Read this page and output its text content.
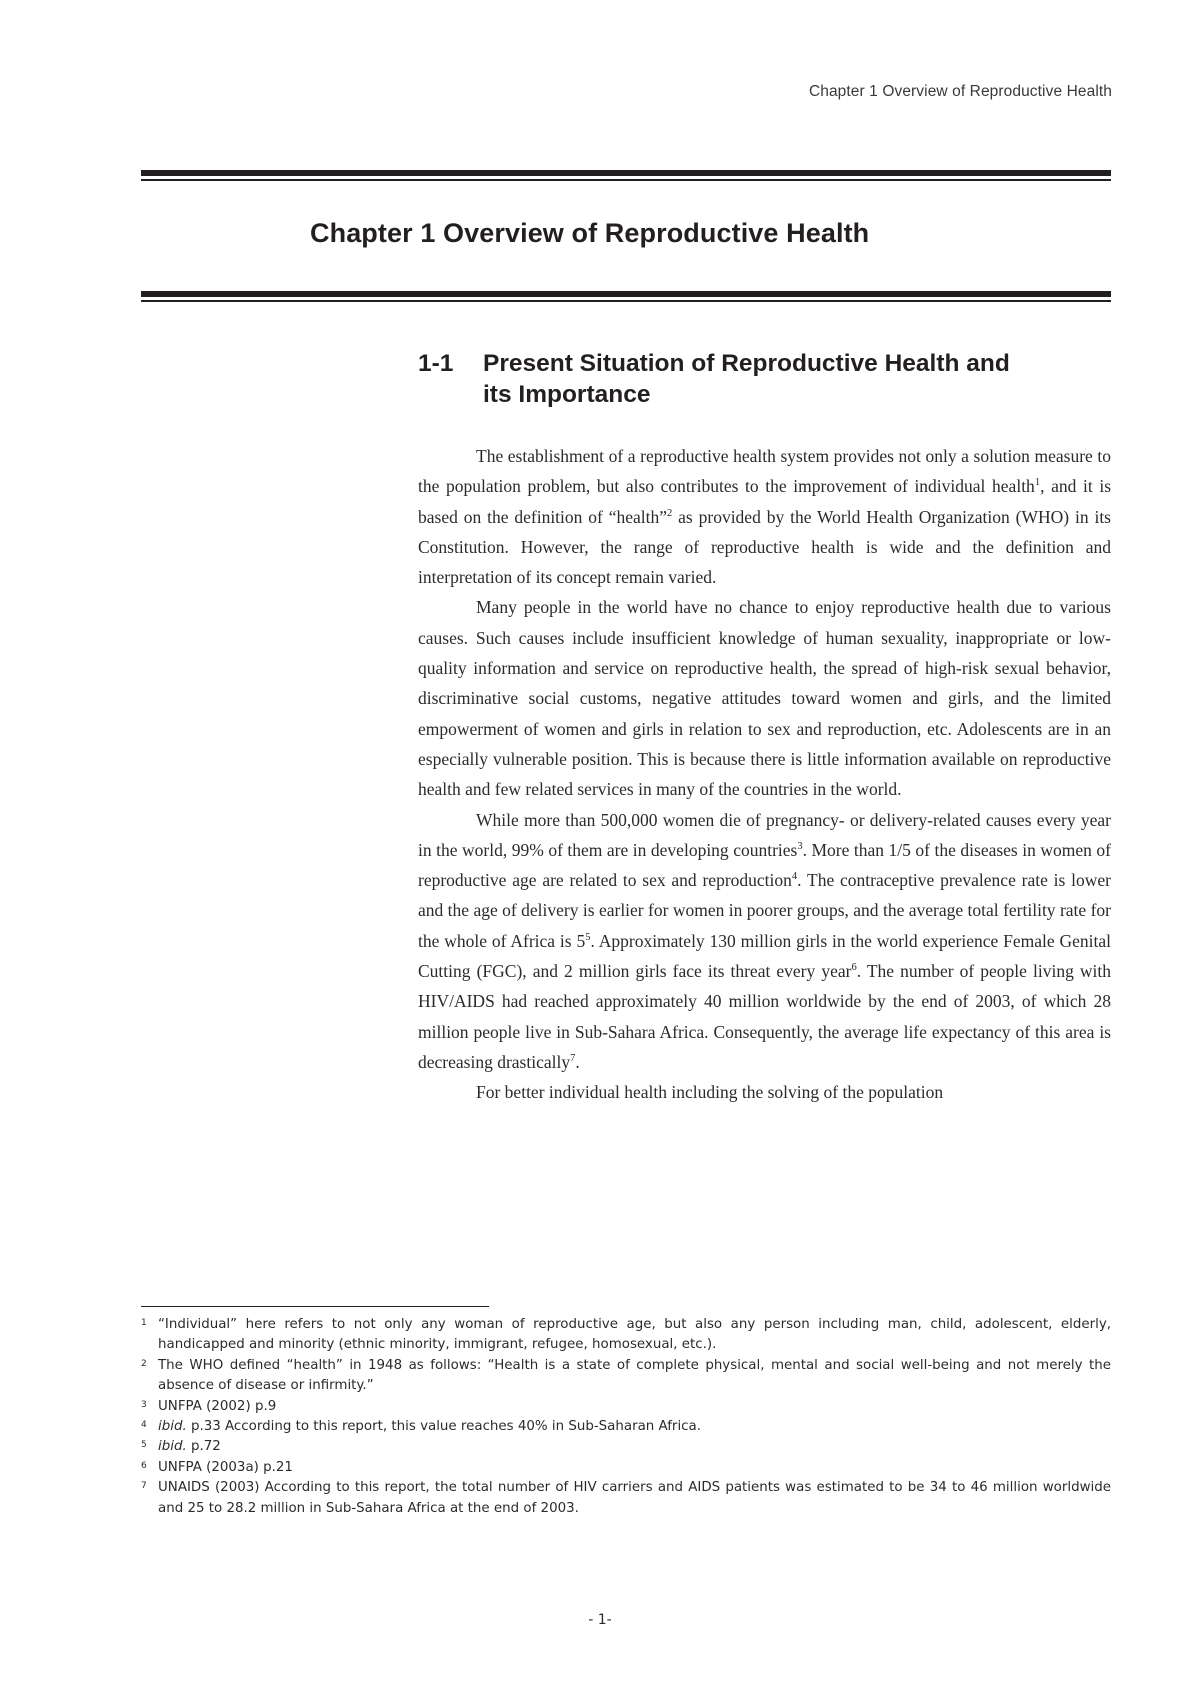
Chapter 1 Overview of Reproductive Health
Chapter 1 Overview of Reproductive Health
1-1 Present Situation of Reproductive Health and
its Importance

The establishment of a reproductive health system provides not only a solution measure to the population problem, but also contributes to the improvement of individual health$^1$, and it is based on the definition of “health”$^2$ as provided by the World Health Organization (WHO) in its Constitution. However, the range of reproductive health is wide and the definition and interpretation of its concept remain varied.

Many people in the world have no chance to enjoy reproductive health due to various causes. Such causes include insufficient knowledge of human sexuality, inappropriate or low-quality information and service on reproductive health, the spread of high-risk sexual behavior, discriminative social customs, negative attitudes toward women and girls, and the limited empowerment of women and girls in relation to sex and reproduction, etc. Adolescents are in an especially vulnerable position. This is because there is little information available on reproductive health and few related services in many of the countries in the world.

While more than 500,000 women die of pregnancy- or delivery-related causes every year in the world, 99% of them are in developing countries$^3$. More than 1/5 of the diseases in women of reproductive age are related to sex and reproduction$^4$. The contraceptive prevalence rate is lower and the age of delivery is earlier for women in poorer groups, and the average total fertility rate for the whole of Africa is $5^5$. Approximately 130 million girls in the world experience Female Genital Cutting (FGC), and 2 million girls face its threat every year$^6$. The number of people living with HIV/AIDS had reached approximately 40 million worldwide by the end of 2003, of which 28 million people live in Sub-Sahara Africa. Consequently, the average life expectancy of this area is decreasing drastically$^7$.

For better individual health including the solving of the population

1 “Individual” here refers to not only any woman of reproductive age, but also any person including man, child, adolescent, elderly, handicapped and minority (ethnic minority, immigrant, refugee, homosexual, etc.).
2 The WHO defined “health” in 1948 as follows: “Health is a state of complete physical, mental and social well-being and not merely the absence of disease or infirmity.”
3 UNFPA (2002) p.9
4 ibid. p.33 According to this report, this value reaches 40% in Sub-Saharan Africa.
5 ibid. p.72
6 UNFPA (2003a) p.21
7 UNAIDS (2003) According to this report, the total number of HIV carriers and AIDS patients was estimated to be 34 to 46 million worldwide and 25 to 28.2 million in Sub-Sahara Africa at the end of 2003.
- 1-
